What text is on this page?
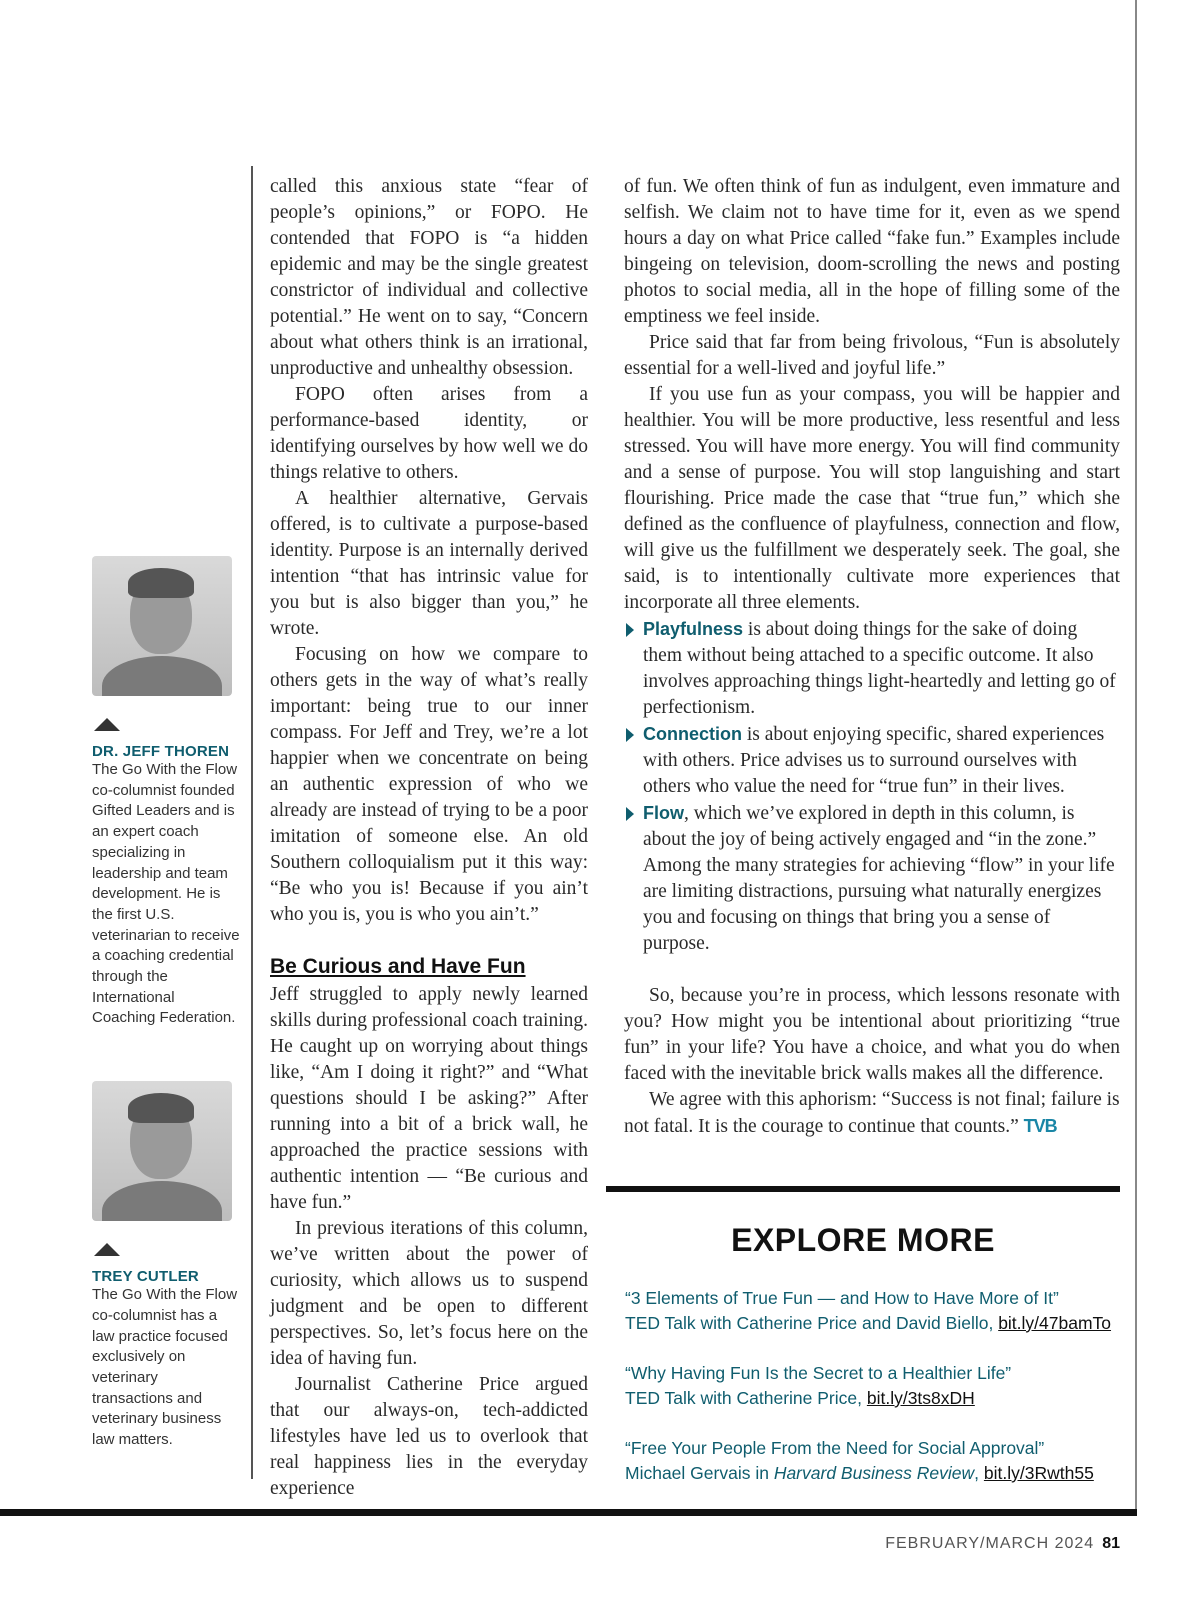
DR. JEFF THOREN
The Go With the Flow co-columnist founded Gifted Leaders and is an expert coach specializing in leadership and team development. He is the first U.S. veterinarian to receive a coaching credential through the International Coaching Federation.
TREY CUTLER
The Go With the Flow co-columnist has a law practice focused exclusively on veterinary transactions and veterinary business law matters.

called this anxious state “fear of people’s opinions,” or FOPO. He contended that FOPO is “a hidden epidemic and may be the single greatest constrictor of individual and collective potential.” He went on to say, “Concern about what others think is an irrational, unproductive and unhealthy obsession.

FOPO often arises from a performance-based identity, or identifying ourselves by how well we do things relative to others.

A healthier alternative, Gervais offered, is to cultivate a purpose-based identity. Purpose is an internally derived intention “that has intrinsic value for you but is also bigger than you,” he wrote.

Focusing on how we compare to others gets in the way of what’s really important: being true to our inner compass. For Jeff and Trey, we’re a lot happier when we concentrate on being an authentic expression of who we already are instead of trying to be a poor imitation of someone else. An old Southern colloquialism put it this way: “Be who you is! Because if you ain’t who you is, you is who you ain’t.”

Be Curious and Have Fun

Jeff struggled to apply newly learned skills during professional coach training. He caught up on worrying about things like, “Am I doing it right?” and “What questions should I be asking?” After running into a bit of a brick wall, he approached the practice sessions with authentic intention — “Be curious and have fun.”

In previous iterations of this column, we’ve written about the power of curiosity, which allows us to suspend judgment and be open to different perspectives. So, let’s focus here on the idea of having fun.

Journalist Catherine Price argued that our always-on, tech-addicted lifestyles have led us to overlook that real happiness lies in the everyday experience

of fun. We often think of fun as indulgent, even immature and selfish. We claim not to have time for it, even as we spend hours a day on what Price called “fake fun.” Examples include bingeing on television, doom-scrolling the news and posting photos to social media, all in the hope of filling some of the emptiness we feel inside.

Price said that far from being frivolous, “Fun is absolutely essential for a well-lived and joyful life.”

If you use fun as your compass, you will be happier and healthier. You will be more productive, less resentful and less stressed. You will have more energy. You will find community and a sense of purpose. You will stop languishing and start flourishing. Price made the case that “true fun,” which she defined as the confluence of playfulness, connection and flow, will give us the fulfillment we desperately seek. The goal, she said, is to intentionally cultivate more experiences that incorporate all three elements.

Playfulness is about doing things for the sake of doing them without being attached to a specific outcome. It also involves approaching things light-heartedly and letting go of perfectionism.
Connection is about enjoying specific, shared experiences with others. Price advises us to surround ourselves with others who value the need for “true fun” in their lives.
Flow, which we’ve explored in depth in this column, is about the joy of being actively engaged and “in the zone.” Among the many strategies for achieving “flow” in your life are limiting distractions, pursuing what naturally energizes you and focusing on things that bring you a sense of purpose.

So, because you’re in process, which lessons resonate with you? How might you be intentional about prioritizing “true fun” in your life? You have a choice, and what you do when faced with the inevitable brick walls makes all the difference.

We agree with this aphorism: “Success is not final; failure is not fatal. It is the courage to continue that counts.” TVB

EXPLORE MORE
“3 Elements of True Fun — and How to Have More of It”
TED Talk with Catherine Price and David Biello, bit.ly/47bamTo
“Why Having Fun Is the Secret to a Healthier Life”
TED Talk with Catherine Price, bit.ly/3ts8xDH
“Free Your People From the Need for Social Approval”
Michael Gervais in Harvard Business Review, bit.ly/3Rwth55
FEBRUARY/MARCH 2024 81
